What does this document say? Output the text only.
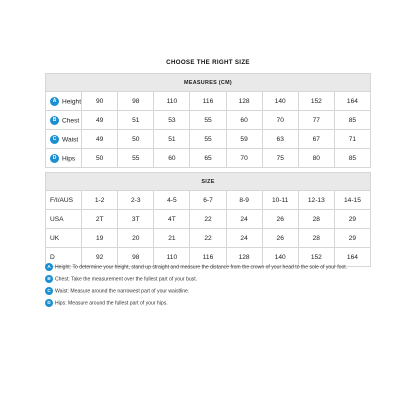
CHOOSE THE RIGHT SIZE
MEASURES (CM)								
A Height	90	98	110	116	128	140	152	164
B Chest	49	51	53	55	60	70	77	85
C Waist	49	50	51	55	59	63	67	71
D Hips	50	55	60	65	70	75	80	85

SIZE								
F/I/AUS	1-2	2-3	4-5	6-7	8-9	10-11	12-13	14-15
USA	2T	3T	4T	22	24	26	28	29
UK	19	20	21	22	24	26	28	29
D	92	98	110	116	128	140	152	164
A Height: To determine your height, stand up straight and measure the distance from the crown of your head to the sole of your foot.
B Chest: Take the measurement over the fullest part of your bust.
C Waist: Measure around the narrowest part of your waistline.
D Hips: Measure around the fullest part of your hips.
